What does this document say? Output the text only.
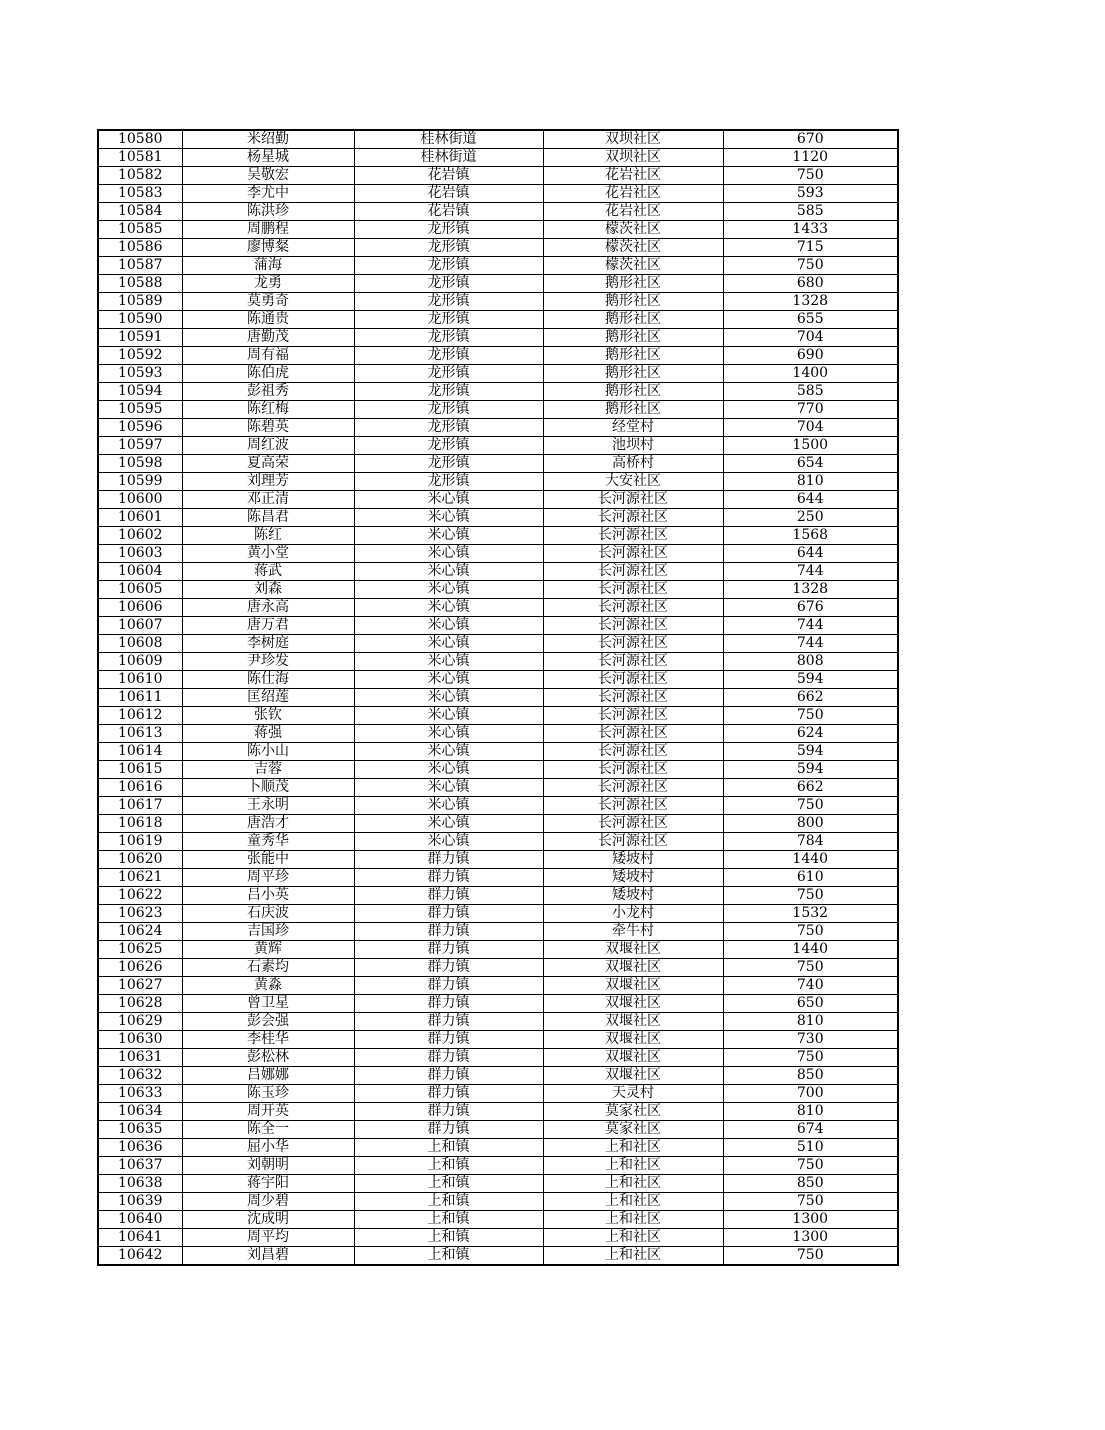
10580	米绍勤	桂林街道	双坝社区	670
10581	杨星城	桂林街道	双坝社区	1120
10582	吴敬宏	花岩镇	花岩社区	750
10583	李尤中	花岩镇	花岩社区	593
10584	陈洪珍	花岩镇	花岩社区	585
10585	周鹏程	龙形镇	檬茨社区	1433
10586	廖博粲	龙形镇	檬茨社区	715
10587	蒲海	龙形镇	檬茨社区	750
10588	龙勇	龙形镇	鹅形社区	680
10589	莫勇奇	龙形镇	鹅形社区	1328
10590	陈通贵	龙形镇	鹅形社区	655
10591	唐勤茂	龙形镇	鹅形社区	704
10592	周有福	龙形镇	鹅形社区	690
10593	陈伯虎	龙形镇	鹅形社区	1400
10594	彭祖秀	龙形镇	鹅形社区	585
10595	陈红梅	龙形镇	鹅形社区	770
10596	陈碧英	龙形镇	经堂村	704
10597	周红波	龙形镇	池坝村	1500
10598	夏高荣	龙形镇	高桥村	654
10599	刘理芳	龙形镇	大安社区	810
10600	邓正清	米心镇	长河源社区	644
10601	陈昌君	米心镇	长河源社区	250
10602	陈红	米心镇	长河源社区	1568
10603	黄小堂	米心镇	长河源社区	644
10604	蒋武	米心镇	长河源社区	744
10605	刘森	米心镇	长河源社区	1328
10606	唐永高	米心镇	长河源社区	676
10607	唐万君	米心镇	长河源社区	744
10608	李树庭	米心镇	长河源社区	744
10609	尹珍发	米心镇	长河源社区	808
10610	陈仕海	米心镇	长河源社区	594
10611	匡绍莲	米心镇	长河源社区	662
10612	张钦	米心镇	长河源社区	750
10613	蒋强	米心镇	长河源社区	624
10614	陈小山	米心镇	长河源社区	594
10615	吉蓉	米心镇	长河源社区	594
10616	卜顺茂	米心镇	长河源社区	662
10617	王永明	米心镇	长河源社区	750
10618	唐浩才	米心镇	长河源社区	800
10619	童秀华	米心镇	长河源社区	784
10620	张能中	群力镇	矮坡村	1440
10621	周平珍	群力镇	矮坡村	610
10622	吕小英	群力镇	矮坡村	750
10623	石庆波	群力镇	小龙村	1532
10624	吉国珍	群力镇	牵牛村	750
10625	黄辉	群力镇	双堰社区	1440
10626	石素均	群力镇	双堰社区	750
10627	黄淼	群力镇	双堰社区	740
10628	曾卫星	群力镇	双堰社区	650
10629	彭会强	群力镇	双堰社区	810
10630	李桂华	群力镇	双堰社区	730
10631	彭松林	群力镇	双堰社区	750
10632	吕娜娜	群力镇	双堰社区	850
10633	陈玉珍	群力镇	天灵村	700
10634	周开英	群力镇	莫家社区	810
10635	陈全一	群力镇	莫家社区	674
10636	屈小华	上和镇	上和社区	510
10637	刘朝明	上和镇	上和社区	750
10638	蒋宇阳	上和镇	上和社区	850
10639	周少碧	上和镇	上和社区	750
10640	沈成明	上和镇	上和社区	1300
10641	周平均	上和镇	上和社区	1300
10642	刘昌碧	上和镇	上和社区	750
